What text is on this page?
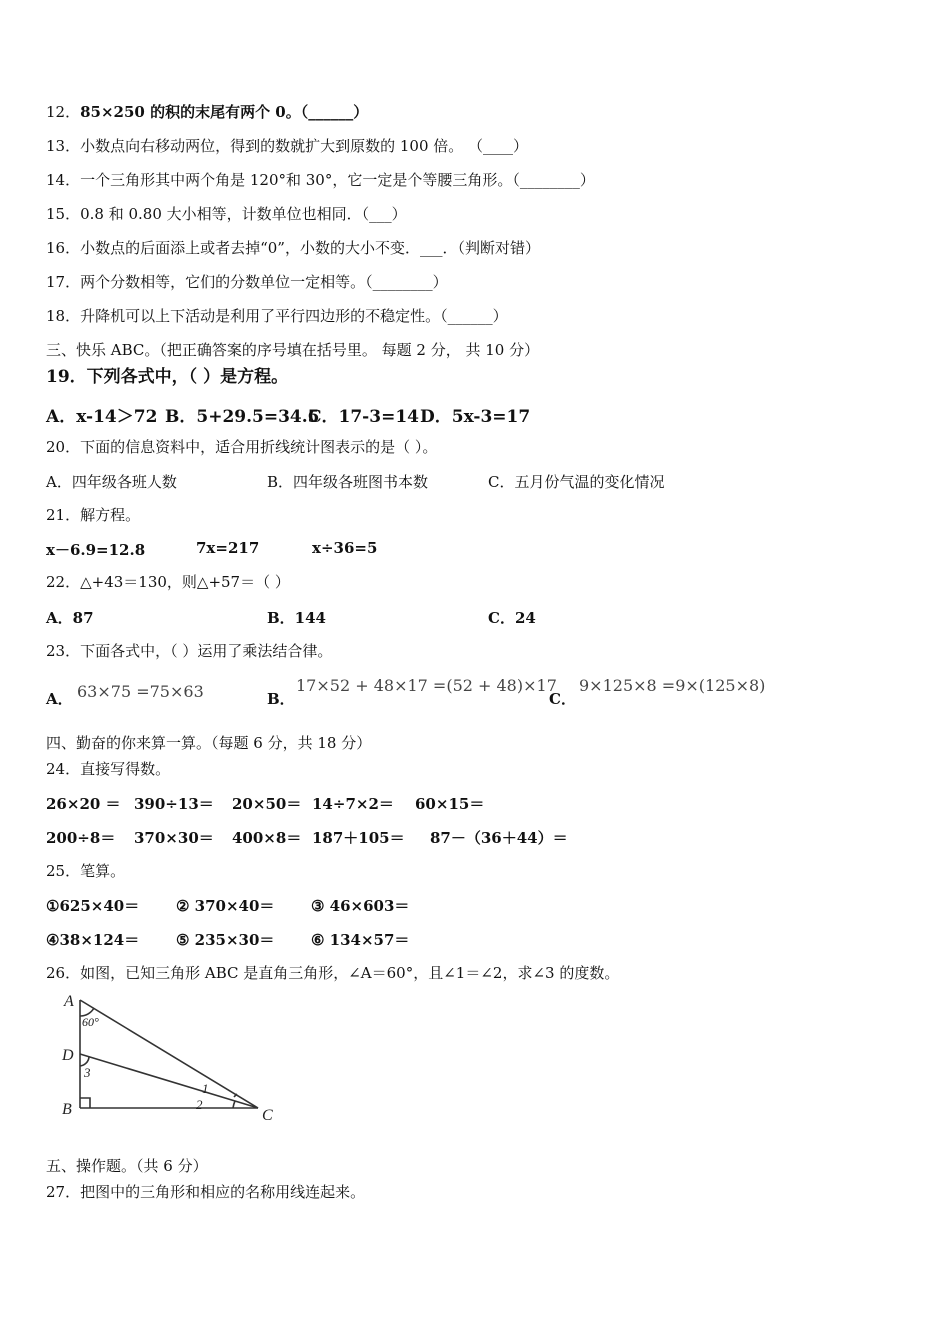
12．85×250 的积的末尾有两个 0。（______）
13．小数点向右移动两位，得到的数就扩大到原数的 100 倍。 （____）
14．一个三角形其中两个角是 120°和 30°，它一定是个等腰三角形。（________）
15．0.8 和 0.80 大小相等，计数单位也相同．（___）
16．小数点的后面添上或者去掉“0”，小数的大小不变．___．（判断对错）
17．两个分数相等，它们的分数单位一定相等。（________）
18．升降机可以上下活动是利用了平行四边形的不稳定性。（______）
三、快乐 ABC。（把正确答案的序号填在括号里。 每题 2 分， 共 10 分）
19．下列各式中，（ ）是方程。
A．x-14＞72 B．5+29.5=34.5
C．17-3=14 D．5x-3=17
20．下面的信息资料中，适合用折线统计图表示的是（ ）。
A．四年级各班人数	B．四年级各班图书本数	C．五月份气温的变化情况
21．解方程。
x－6.9=12.8	7x=217	x÷36=5
22．△+43＝130，则△+57＝（ ）
A．87	B．144	C．24
23．下面各式中，（ ）运用了乘法结合律。
A． 63×75 =75×63	B．
17×52 + 48×17 =(52 + 48)×17
C．
9×125×8 =9×(125×8)
四、勤奋的你来算一算。（每题 6 分，共 18 分）
24．直接写得数。
26×20 ＝ 390÷13＝ 20×50＝ 14÷7×2＝ 60×15＝
200÷8＝ 370×30＝ 400×8＝ 187＋105＝ 87－（36＋44）＝
25．笔算。
①625×40＝ ② 370×40＝ ③ 46×603＝
④38×124＝ ⑤ 235×30＝ ⑥ 134×57＝
26．如图，已知三角形 ABC 是直角三角形，∠A＝60°，且∠1＝∠2，求∠3 的度数。
A
60°
D
3
B
1
2
C
五、操作题。（共 6 分）
27．把图中的三角形和相应的名称用线连起来。
